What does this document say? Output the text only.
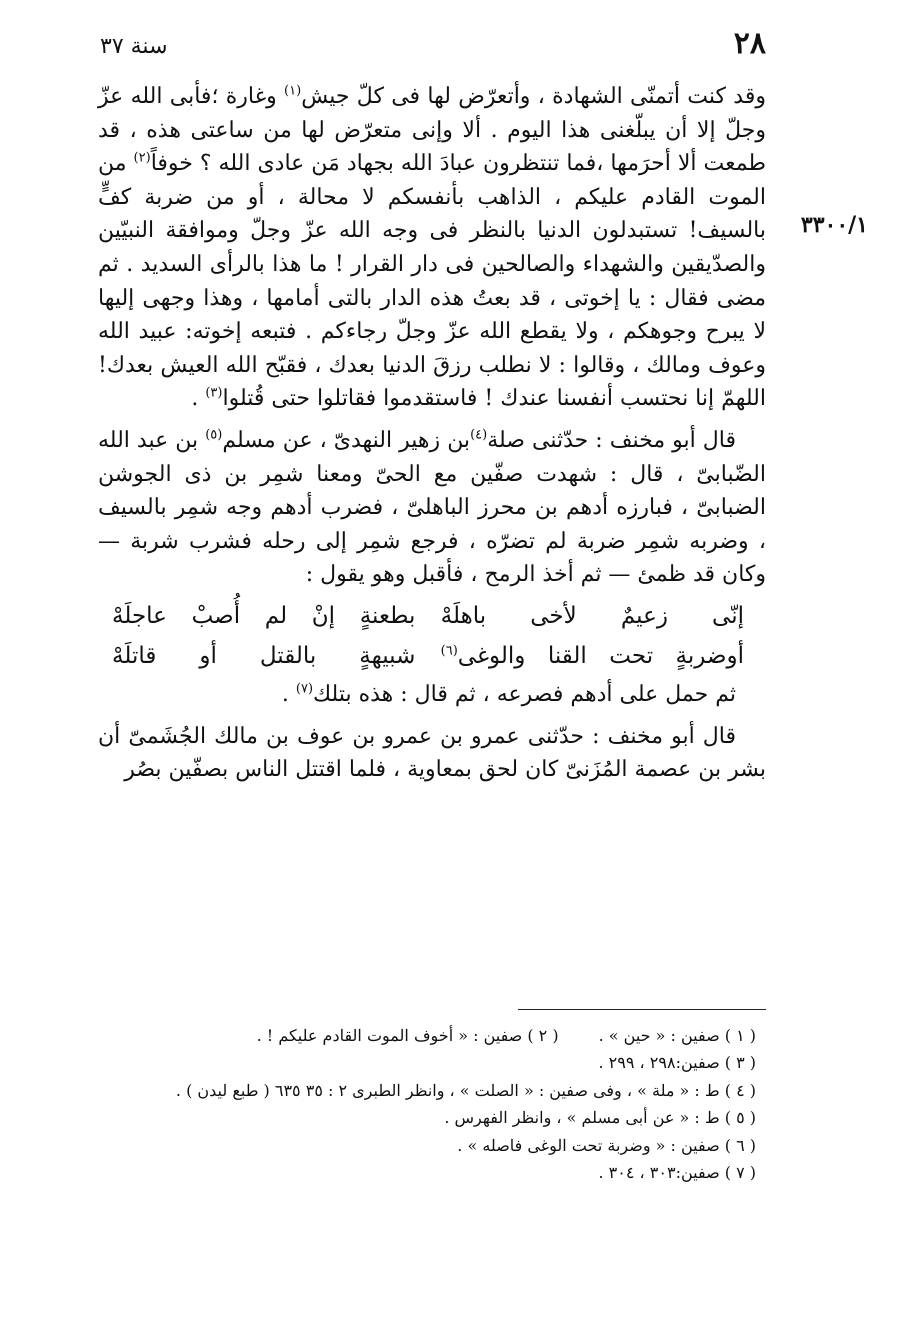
٢٨
سنة ٣٧
٣٣٠٠/١

وقد كنت أتمنّى الشهادة ، وأتعرّض لها فى كلّ جيش$^{(١)}$ وغارة ؛فأبى الله عزّ وجلّ إلا أن يبلّغنى هذا اليوم . ألا وإنى متعرّض لها من ساعتى هذه ، قد طمعت ألا أحرَمها ،فما تنتظرون عبادَ الله بجهاد مَن عادى الله ؟ خوفاً$^{(٢)}$ من الموت القادم عليكم ، الذاهب بأنفسكم لا محالة ، أو من ضربة كفٍّ بالسيف! تستبدلون الدنيا بالنظر فى وجه الله عزّ وجلّ وموافقة النبيّين والصدّيقين والشهداء والصالحين فى دار القرار ! ما هذا بالرأى السديد . ثم مضى فقال : يا إخوتى ، قد بعتُ هذه الدار بالتى أمامها ، وهذا وجهى إليها لا يبرح وجوهكم ، ولا يقطع الله عزّ وجلّ رجاءكم . فتبعه إخوته: عبيد الله وعوف ومالك ، وقالوا : لا نطلب رزقَ الدنيا بعدك ، فقبّح الله العيش بعدك! اللهمّ إنا نحتسب أنفسنا عندك ! فاستقدموا فقاتلوا حتى قُتلوا$^{(٣)}$ .

قال أبو مخنف : حدّثنى صلة$^{(٤)}$بن زهير النهدىّ ، عن مسلم$^{(٥)}$ بن عبد الله الضّبابىّ ، قال : شهدت صفّين مع الحىّ ومعنا شمِر بن ذى الجوشن الضبابىّ ، فبارزه أدهم بن محرز الباهلىّ ، فضرب أدهم وجه شمِر بالسيف ، وضربه شمِر ضربة لم تضرّه ، فرجع شمِر إلى رحله فشرب شربة — وكان قد ظمئ — ثم أخذ الرمح ، فأقبل وهو يقول :

إنّى زعيمٌ لأخى باهلَهْ
بطعنةٍ إنْ لم أُصبْ عاجلَهْ
أوضربةٍ تحت القنا والوغى$^{(٦)}$
شبيهةٍ بالقتل أو قاتلَهْ

ثم حمل على أدهم فصرعه ، ثم قال : هذه بتلك$^{(٧)}$ .

قال أبو مخنف : حدّثنى عمرو بن عمرو بن عوف بن مالك الجُشَمىّ أن بشر بن عصمة المُزَنىّ كان لحق بمعاوية ، فلما اقتتل الناس بصفّين بصُر

( ١ ) صفين : « حين » .
( ٢ ) صفين : « أخوف الموت القادم عليكم ! .
( ٣ ) صفين:٢٩٨ ، ٢٩٩ .
( ٤ ) ط : « ملة » ، وفى صفين : « الصلت » ، وانظر الطبرى ٢ : ٣٥ ٦٣٥ ( طبع ليدن ) .
( ٥ ) ط : « عن أبى مسلم » ، وانظر الفهرس .
( ٦ ) صفين : « وضربة تحت الوغى فاصله » .
( ٧ ) صفين:٣٠٣ ، ٣٠٤ .
